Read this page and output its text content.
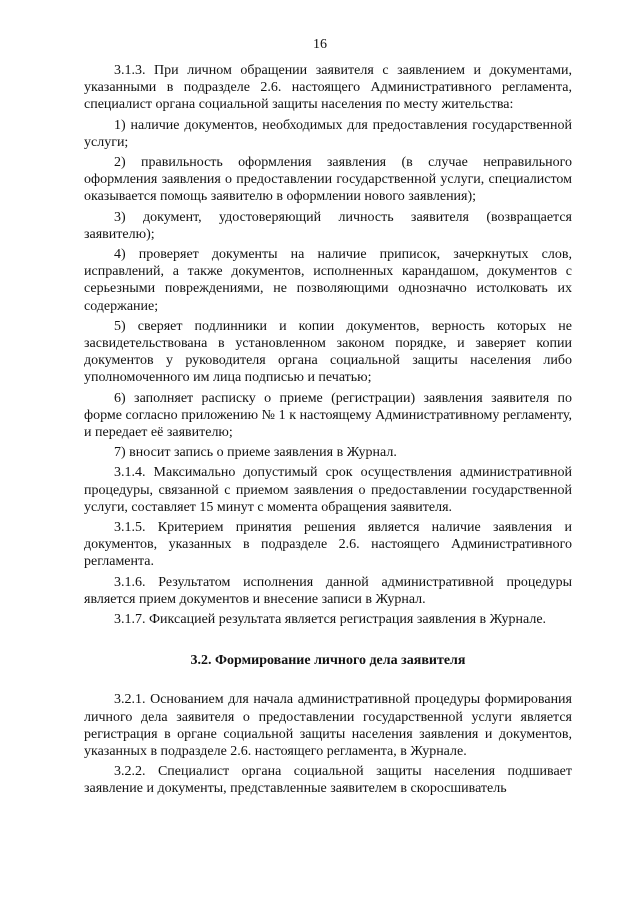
16

3.1.3. При личном обращении заявителя с заявлением и документами, указанными в подразделе 2.6. настоящего Административного регламента, специалист органа социальной защиты населения по месту жительства:

1) наличие документов, необходимых для предоставления государственной услуги;

2) правильность оформления заявления (в случае неправильного оформления заявления о предоставлении государственной услуги, специалистом оказывается помощь заявителю в оформлении нового заявления);

3) документ, удостоверяющий личность заявителя (возвращается заявителю);

4) проверяет документы на наличие приписок, зачеркнутых слов, исправлений, а также документов, исполненных карандашом, документов с серьезными повреждениями, не позволяющими однозначно истолковать их содержание;

5) сверяет подлинники и копии документов, верность которых не засвидетельствована в установленном законом порядке, и заверяет копии документов у руководителя органа социальной защиты населения либо уполномоченного им лица подписью и печатью;

6) заполняет расписку о приеме (регистрации) заявления заявителя по форме согласно приложению № 1 к настоящему Административному регламенту, и передает её заявителю;

7) вносит запись о приеме заявления в Журнал.

3.1.4. Максимально допустимый срок осуществления административной процедуры, связанной с приемом заявления о предоставлении государственной услуги, составляет 15 минут с момента обращения заявителя.

3.1.5. Критерием принятия решения является наличие заявления и документов, указанных в подразделе 2.6. настоящего Административного регламента.

3.1.6. Результатом исполнения данной административной процедуры является прием документов и внесение записи в Журнал.

3.1.7. Фиксацией результата является регистрация заявления в Журнале.

3.2. Формирование личного дела заявителя

3.2.1. Основанием для начала административной процедуры формирования личного дела заявителя о предоставлении государственной услуги является регистрация в органе социальной защиты населения заявления и документов, указанных в подразделе 2.6. настоящего регламента, в Журнале.

3.2.2. Специалист органа социальной защиты населения подшивает заявление и документы, представленные заявителем в скоросшиватель
